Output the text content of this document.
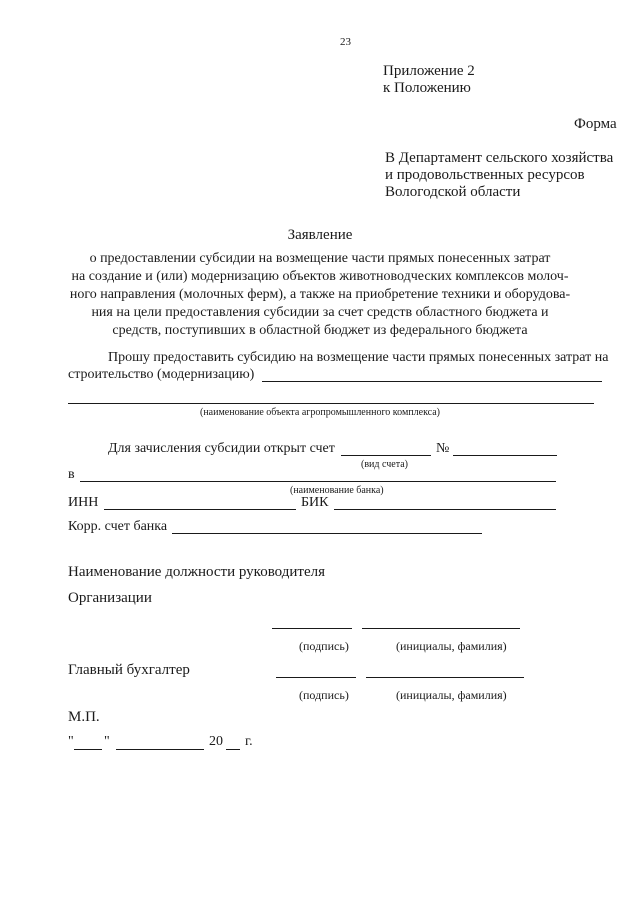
23
Приложение 2
к Положению
Форма
В Департамент сельского хозяйства
и продовольственных ресурсов
Вологодской области
Заявление
о предоставлении субсидии на возмещение части прямых понесенных затрат
на создание и (или) модернизацию объектов животноводческих комплексов молоч-
ного направления (молочных ферм), а также на приобретение техники и оборудова-
ния на цели предоставления субсидии за счет средств областного бюджета и
средств, поступивших в областной бюджет из федерального бюджета
Прошу предоставить субсидию на возмещение части прямых понесенных затрат на
строительство (модернизацию)
(наименование объекта агропромышленного комплекса)
Для зачисления субсидии открыт счет	№
(вид счета)
в
(наименование банка)
ИНН	БИК
Корр. счет банка
Наименование должности руководителя
Организации
(подпись)	(инициалы, фамилия)
Главный бухгалтер
(подпись)	(инициалы, фамилия)
М.П.
" "	20 г.
